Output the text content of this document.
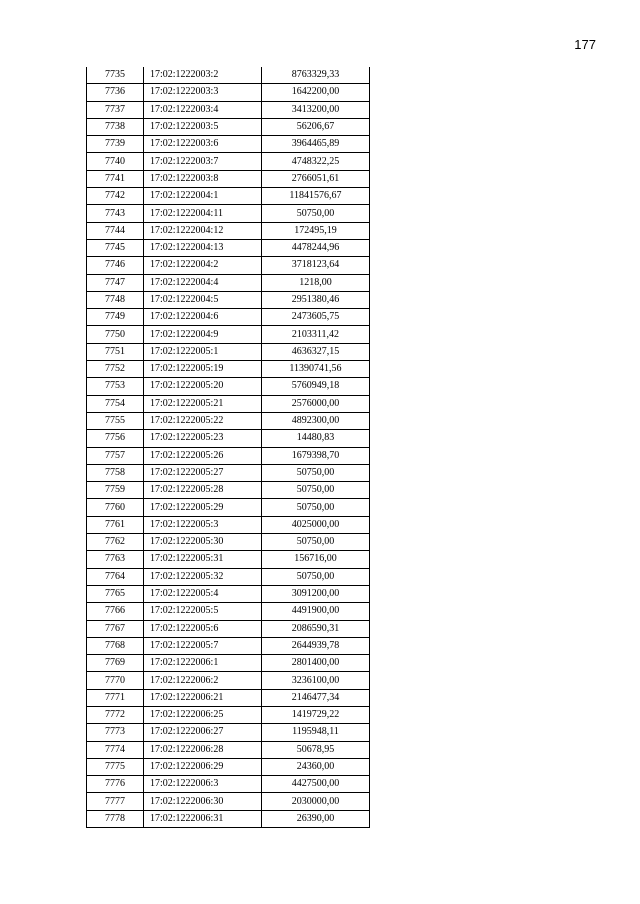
177
7735	17:02:1222003:2	8763329,33
7736	17:02:1222003:3	1642200,00
7737	17:02:1222003:4	3413200,00
7738	17:02:1222003:5	56206,67
7739	17:02:1222003:6	3964465,89
7740	17:02:1222003:7	4748322,25
7741	17:02:1222003:8	2766051,61
7742	17:02:1222004:1	11841576,67
7743	17:02:1222004:11	50750,00
7744	17:02:1222004:12	172495,19
7745	17:02:1222004:13	4478244,96
7746	17:02:1222004:2	3718123,64
7747	17:02:1222004:4	1218,00
7748	17:02:1222004:5	2951380,46
7749	17:02:1222004:6	2473605,75
7750	17:02:1222004:9	2103311,42
7751	17:02:1222005:1	4636327,15
7752	17:02:1222005:19	11390741,56
7753	17:02:1222005:20	5760949,18
7754	17:02:1222005:21	2576000,00
7755	17:02:1222005:22	4892300,00
7756	17:02:1222005:23	14480,83
7757	17:02:1222005:26	1679398,70
7758	17:02:1222005:27	50750,00
7759	17:02:1222005:28	50750,00
7760	17:02:1222005:29	50750,00
7761	17:02:1222005:3	4025000,00
7762	17:02:1222005:30	50750,00
7763	17:02:1222005:31	156716,00
7764	17:02:1222005:32	50750,00
7765	17:02:1222005:4	3091200,00
7766	17:02:1222005:5	4491900,00
7767	17:02:1222005:6	2086590,31
7768	17:02:1222005:7	2644939,78
7769	17:02:1222006:1	2801400,00
7770	17:02:1222006:2	3236100,00
7771	17:02:1222006:21	2146477,34
7772	17:02:1222006:25	1419729,22
7773	17:02:1222006:27	1195948,11
7774	17:02:1222006:28	50678,95
7775	17:02:1222006:29	24360,00
7776	17:02:1222006:3	4427500,00
7777	17:02:1222006:30	2030000,00
7778	17:02:1222006:31	26390,00
